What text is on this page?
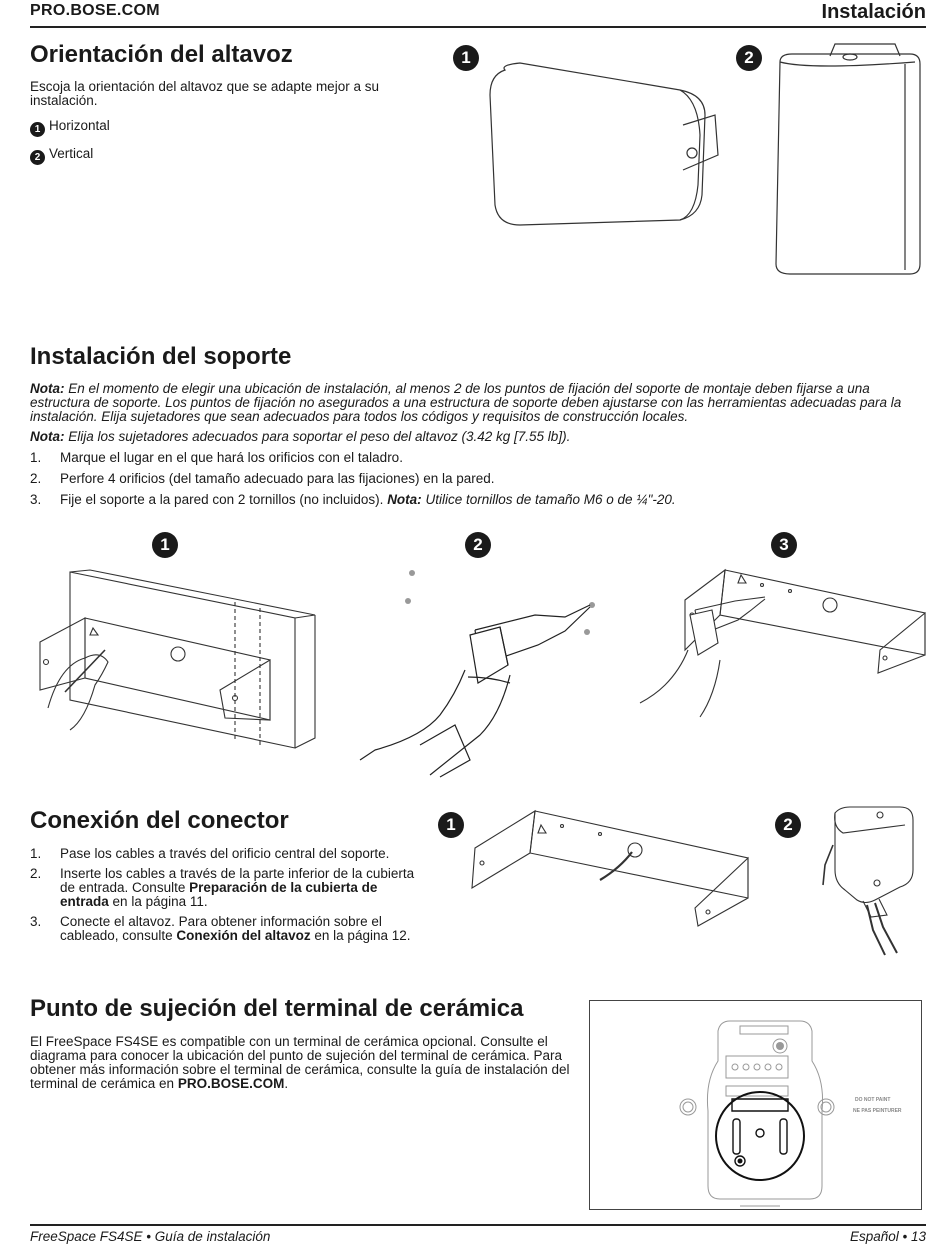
PRO.BOSE.COM	Instalación
Orientación del altavoz

Escoja la orientación del altavoz que se adapte mejor a su instalación.

1 Horizontal
2 Vertical
1	2
Instalación del soporte

Nota: En el momento de elegir una ubicación de instalación, al menos 2 de los puntos de fijación del soporte de montaje deben fijarse a una estructura de soporte. Los puntos de fijación no asegurados a una estructura de soporte deben ajustarse con las herramientas adecuadas para la instalación. Elija sujetadores que sean adecuados para todos los códigos y requisitos de construcción locales.

Nota: Elija los sujetadores adecuados para soportar el peso del altavoz (3.42 kg [7.55 lb]).

1.	Marque el lugar en el que hará los orificios con el taladro.
2.	Perfore 4 orificios (del tamaño adecuado para las fijaciones) en la pared.
3.	Fije el soporte a la pared con 2 tornillos (no incluidos). Nota: Utilice tornillos de tamaño M6 o de ¼"-20.
1	2	3
Conexión del conector
1.	Pase los cables a través del orificio central del soporte.
2.	Inserte los cables a través de la parte inferior de la cubierta de entrada. Consulte Preparación de la cubierta de entrada en la página 11.
3.	Conecte el altavoz. Para obtener información sobre el cableado, consulte Conexión del altavoz en la página 12.
1	2
Punto de sujeción del terminal de cerámica

El FreeSpace FS4SE es compatible con un terminal de cerámica opcional. Consulte el diagrama para conocer la ubicación del punto de sujeción del terminal de cerámica. Para obtener más información sobre el terminal de cerámica, consulte la guía de instalación del terminal de cerámica en PRO.BOSE.COM.

DO NOT PAINT
NE PAS PEINTURER
FreeSpace FS4SE • Guía de instalación	Español • 13
